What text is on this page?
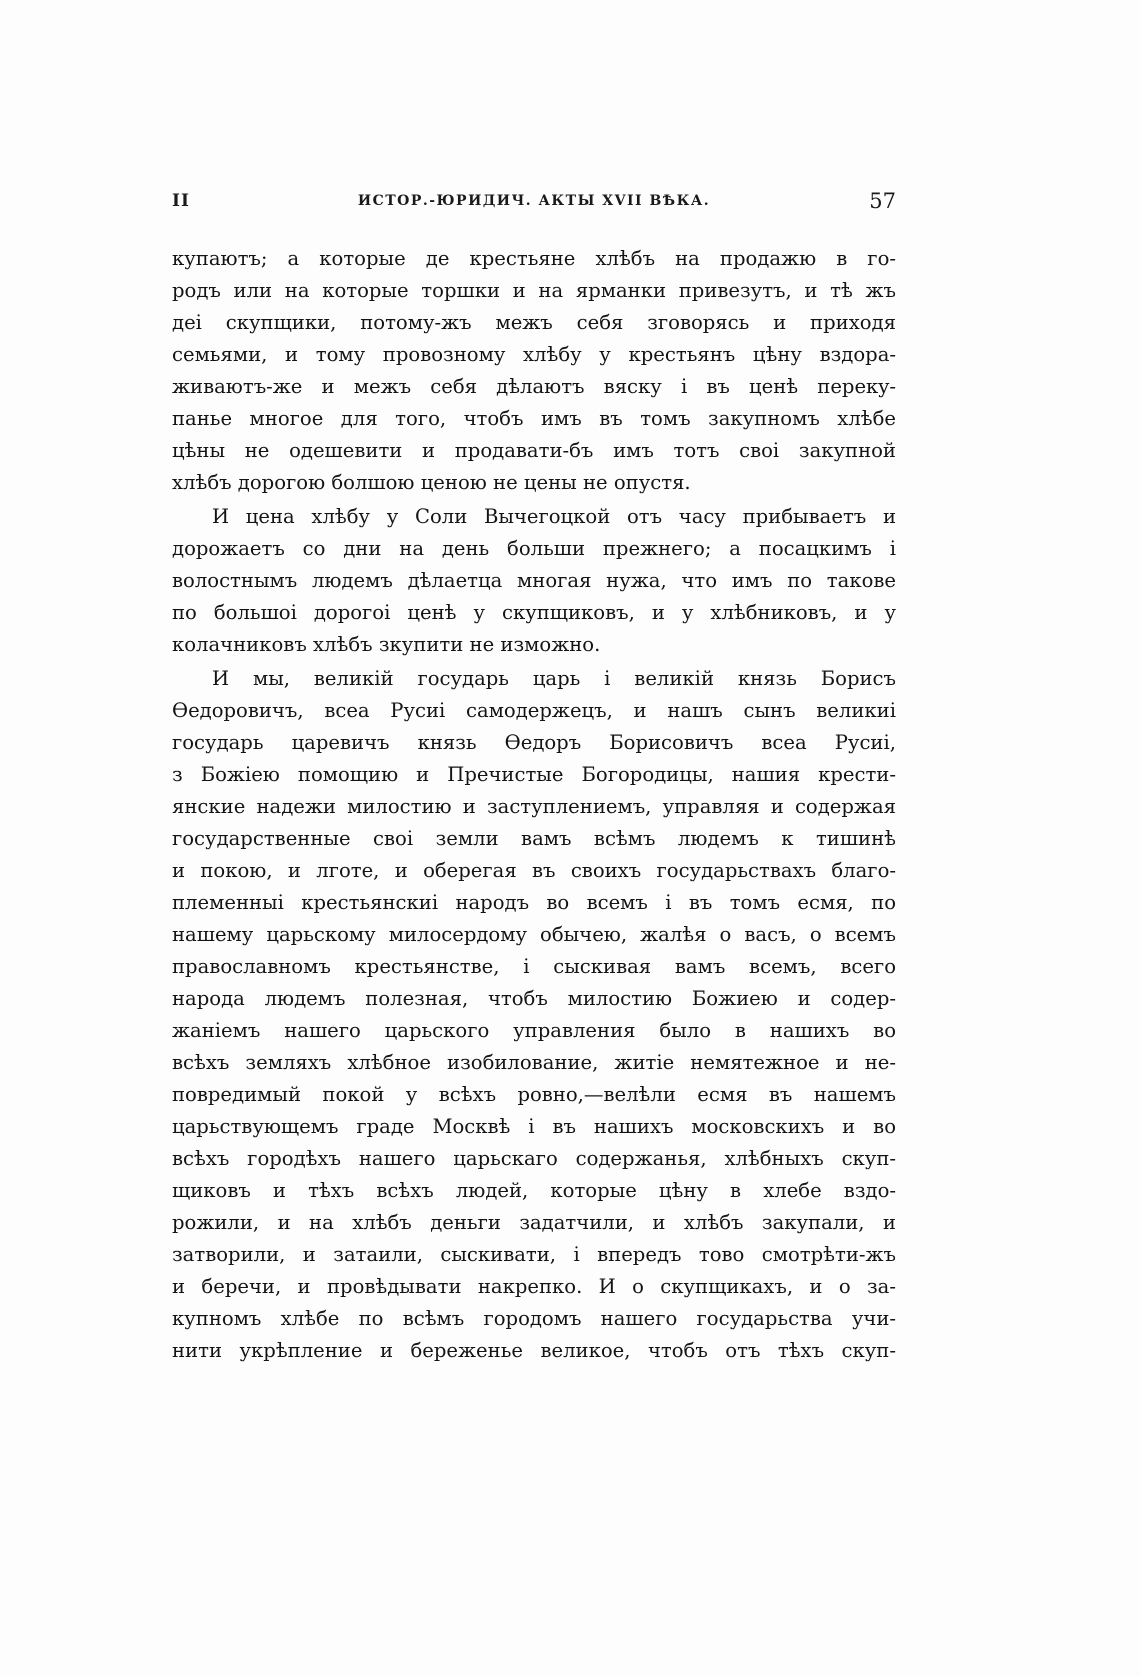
II	ИСТОР.-ЮРИДИЧ. АКТЫ XVII ВѢКА.	57
купаютъ; а которые де крестьяне хлѣбъ на продажю в го-
родъ или на которые торшки и на ярманки привезутъ, и тѣ жъ
деі скупщики, потому-жъ межъ себя зговорясь и приходя
семьями, и тому провозному хлѣбу у крестьянъ цѣну вздора-
живаютъ-же и межъ себя дѣлаютъ вяску і въ ценѣ перекy-
панье многое для того, чтобъ имъ въ томъ закупномъ хлѣбе
цѣны не одешевити и продавати-бъ имъ тотъ своі закупной
хлѣбъ дорогою болшою ценою не цены не опустя.
И цена хлѣбу у Соли Вычегоцкой отъ часу прибываетъ и
дорожаетъ со дни на день больши прежнего; а посацкимъ і
волостнымъ людемъ дѣлаетца многая нужа, что имъ по такове
по большоі дорогоі ценѣ у скупщиковъ, и у хлѣбниковъ, и у
колачниковъ хлѣбъ зкупити не изможно.
И мы, великій государь царь і великій князь Борисъ
Өедоровичъ, всеа Русиі самодержецъ, и нашъ сынъ великиі
государь царевичъ князь Өедоръ Борисовичъ всеа Русиі,
з Божіею помощию и Пречистые Богородицы, нашия крести-
янские надежи милостию и заступлениемъ, управляя и содержая
государственные своі земли вамъ всѣмъ людемъ к тишинѣ
и покою, и лготе, и оберегая въ своихъ государьствахъ благо-
племенныі крестьянскиі народъ во всемъ і въ томъ есмя, по
нашему царьскому милосердому обычею, жалѣя о васъ, о всемъ
православномъ крестьянстве, і сыскивая вамъ всемъ, всего
народа людемъ полезная, чтобъ милостию Божиею и содер-
жаніемъ нашего царьского управления было в нашихъ во
всѣхъ земляхъ хлѣбное изобилование, житіе немятежное и не-
повредимый покой у всѣхъ ровно,—велѣли есмя въ нашемъ
царьствующемъ граде Москвѣ і въ нашихъ московскихъ и во
всѣхъ городѣхъ нашего царьскаго содержанья, хлѣбныхъ скуп-
щиковъ и тѣхъ всѣхъ людей, которые цѣну в хлебе вздо-
рожили, и на хлѣбъ деньги задатчили, и хлѣбъ закупали, и
затворили, и затаили, сыскивати, і впередъ тово смотрѣти-жъ
и беречи, и провѣдывати накрепко. И о скупщикахъ, и о за-
купномъ хлѣбе по всѣмъ городомъ нашего государьства учи-
нити укрѣпление и береженье великое, чтобъ отъ тѣхъ скуп-
